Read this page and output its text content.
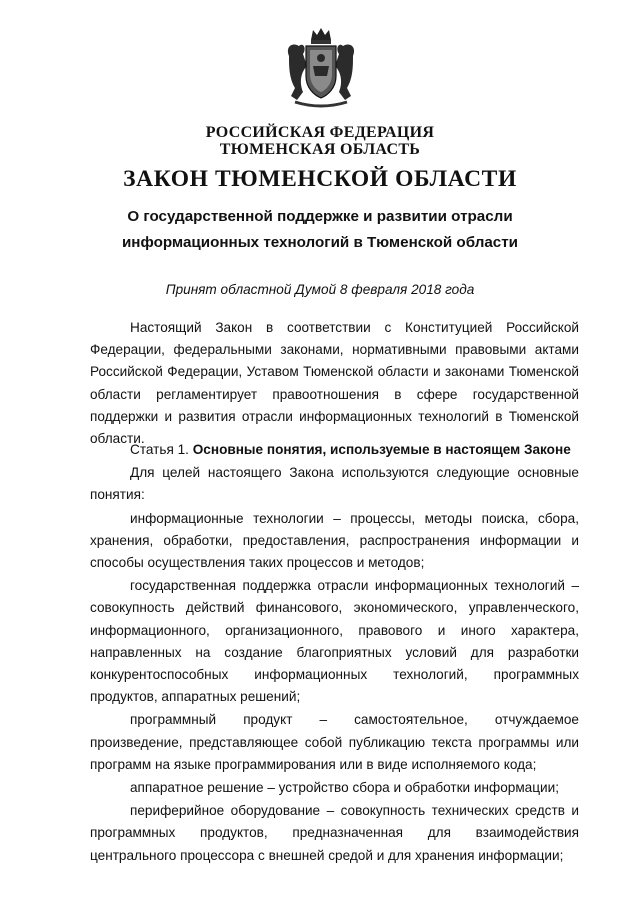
РОССИЙСКАЯ ФЕДЕРАЦИЯ
ТЮМЕНСКАЯ ОБЛАСТЬ
ЗАКОН ТЮМЕНСКОЙ ОБЛАСТИ
О государственной поддержке и развитии отрасли
информационных технологий в Тюменской области
Принят областной Думой 8 февраля 2018 года

Настоящий Закон в соответствии с Конституцией Российской Федерации, федеральными законами, нормативными правовыми актами Российской Федерации, Уставом Тюменской области и законами Тюменской области регламентирует правоотношения в сфере государственной поддержки и развития отрасли информационных технологий в Тюменской области.

Статья 1. Основные понятия, используемые в настоящем Законе

Для целей настоящего Закона используются следующие основные понятия:

информационные технологии – процессы, методы поиска, сбора, хранения, обработки, предоставления, распространения информации и способы осуществления таких процессов и методов;

государственная поддержка отрасли информационных технологий – совокупность действий финансового, экономического, управленческого, информационного, организационного, правового и иного характера, направленных на создание благоприятных условий для разработки конкурентоспособных информационных технологий, программных продуктов, аппаратных решений;

программный продукт – самостоятельное, отчуждаемое произведение, представляющее собой публикацию текста программы или программ на языке программирования или в виде исполняемого кода;

аппаратное решение – устройство сбора и обработки информации;

периферийное оборудование – совокупность технических средств и программных продуктов, предназначенная для взаимодействия центрального процессора с внешней средой и для хранения информации;
